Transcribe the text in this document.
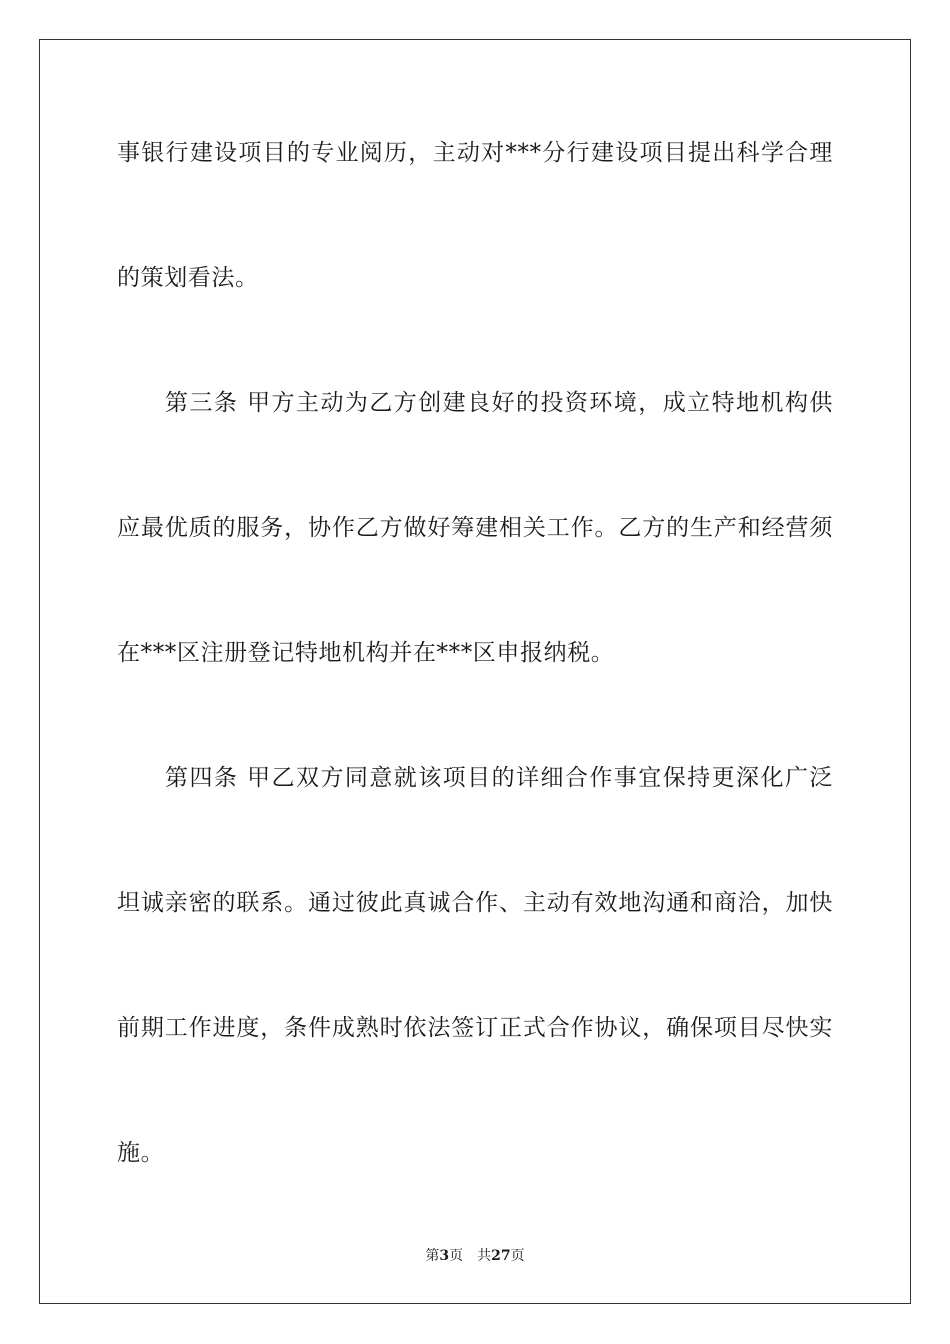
事银行建设项目的专业阅历，主动对***分行建设项目提出科学合理
的策划看法。
第三条 甲方主动为乙方创建良好的投资环境，成立特地机构供
应最优质的服务，协作乙方做好筹建相关工作。乙方的生产和经营须
在***区注册登记特地机构并在***区申报纳税。
第四条 甲乙双方同意就该项目的详细合作事宜保持更深化广泛
坦诚亲密的联系。通过彼此真诚合作、主动有效地沟通和商洽，加快
前期工作进度，条件成熟时依法签订正式合作协议，确保项目尽快实
施。
第3页 共27页
